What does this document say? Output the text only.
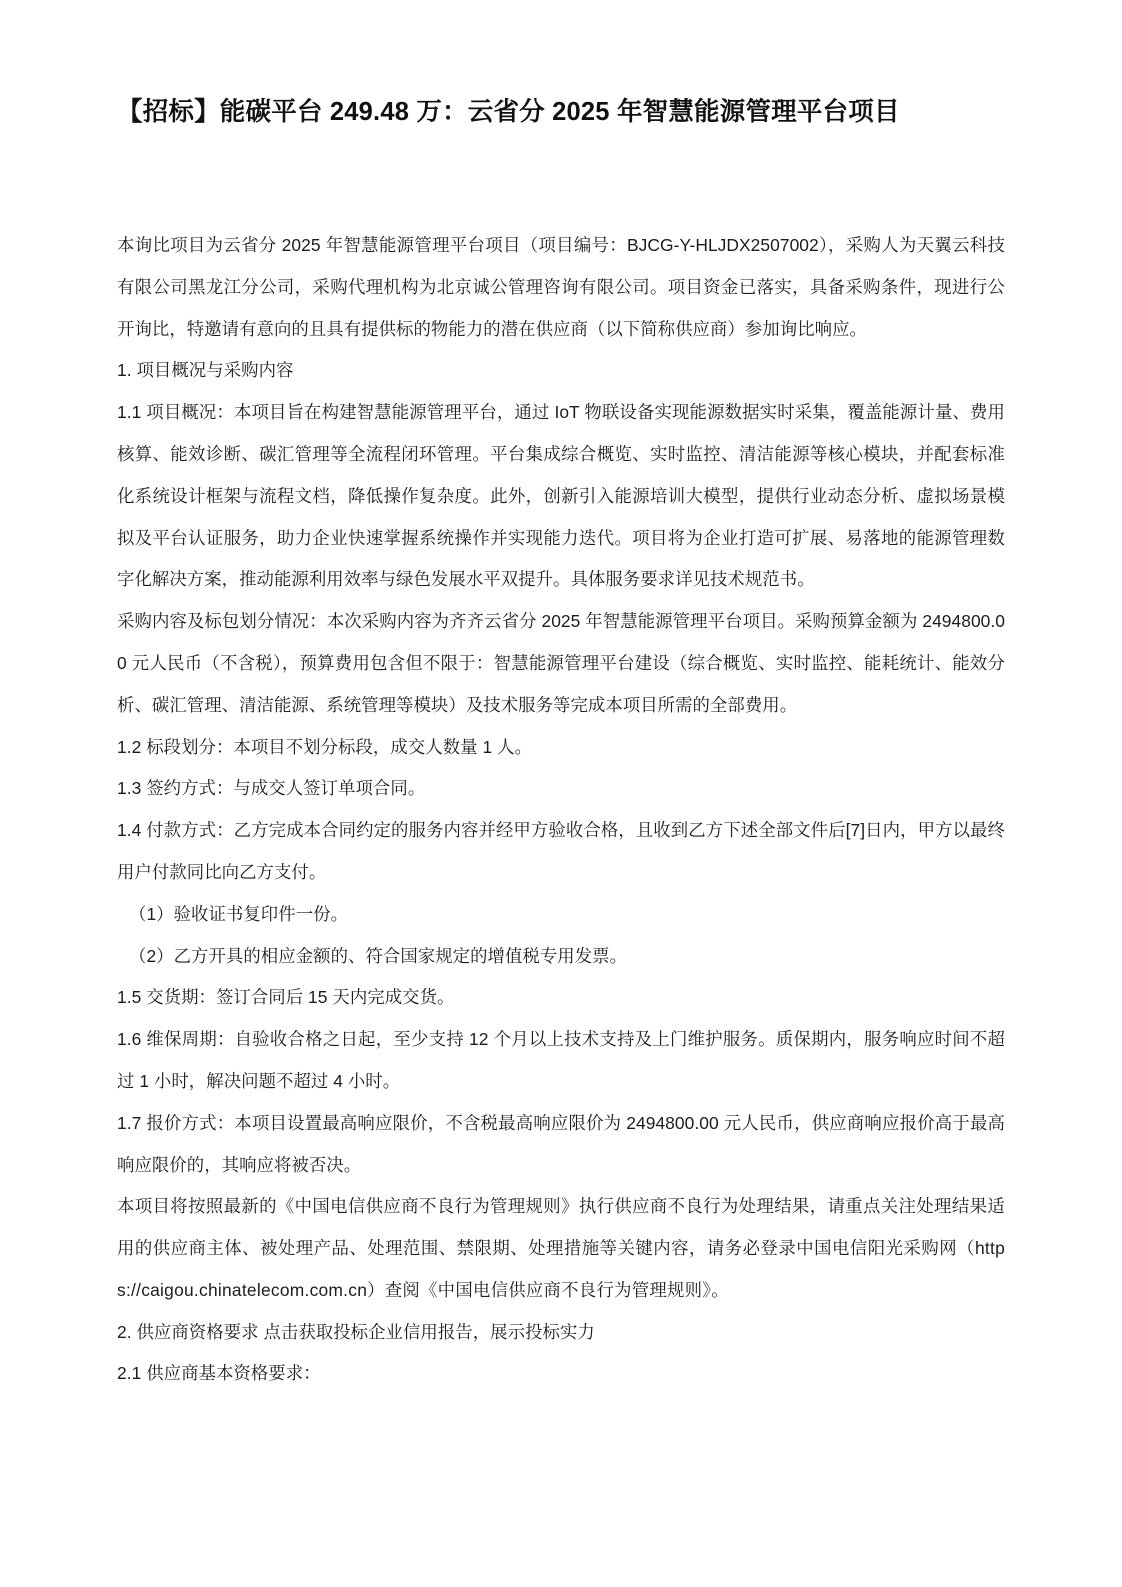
【招标】能碳平台 249.48 万：云省分 2025 年智慧能源管理平台项目

本询比项目为云省分 2025 年智慧能源管理平台项目（项目编号：BJCG-Y-HLJDX2507002），采购人为天翼云科技有限公司黑龙江分公司，采购代理机构为北京诚公管理咨询有限公司。项目资金已落实，具备采购条件，现进行公开询比，特邀请有意向的且具有提供标的物能力的潜在供应商（以下简称供应商）参加询比响应。

1. 项目概况与采购内容

1.1 项目概况：本项目旨在构建智慧能源管理平台，通过 IoT 物联设备实现能源数据实时采集，覆盖能源计量、费用核算、能效诊断、碳汇管理等全流程闭环管理。平台集成综合概览、实时监控、清洁能源等核心模块，并配套标准化系统设计框架与流程文档，降低操作复杂度。此外，创新引入能源培训大模型，提供行业动态分析、虚拟场景模拟及平台认证服务，助力企业快速掌握系统操作并实现能力迭代。项目将为企业打造可扩展、易落地的能源管理数字化解决方案，推动能源利用效率与绿色发展水平双提升。具体服务要求详见技术规范书。

采购内容及标包划分情况：本次采购内容为齐齐云省分 2025 年智慧能源管理平台项目。采购预算金额为 2494800.00 元人民币（不含税），预算费用包含但不限于：智慧能源管理平台建设（综合概览、实时监控、能耗统计、能效分析、碳汇管理、清洁能源、系统管理等模块）及技术服务等完成本项目所需的全部费用。

1.2 标段划分：本项目不划分标段，成交人数量 1 人。

1.3 签约方式：与成交人签订单项合同。

1.4 付款方式：乙方完成本合同约定的服务内容并经甲方验收合格，且收到乙方下述全部文件后[7]日内，甲方以最终用户付款同比向乙方支付。

（1）验收证书复印件一份。

（2）乙方开具的相应金额的、符合国家规定的增值税专用发票。

1.5 交货期：签订合同后 15 天内完成交货。

1.6 维保周期：自验收合格之日起，至少支持 12 个月以上技术支持及上门维护服务。质保期内，服务响应时间不超过 1 小时，解决问题不超过 4 小时。

1.7 报价方式：本项目设置最高响应限价，不含税最高响应限价为 2494800.00 元人民币，供应商响应报价高于最高响应限价的，其响应将被否决。

本项目将按照最新的《中国电信供应商不良行为管理规则》执行供应商不良行为处理结果，请重点关注处理结果适用的供应商主体、被处理产品、处理范围、禁限期、处理措施等关键内容，请务必登录中国电信阳光采购网（https://caigou.chinatelecom.com.cn）查阅《中国电信供应商不良行为管理规则》。

2. 供应商资格要求 点击获取投标企业信用报告，展示投标实力

2.1 供应商基本资格要求：
